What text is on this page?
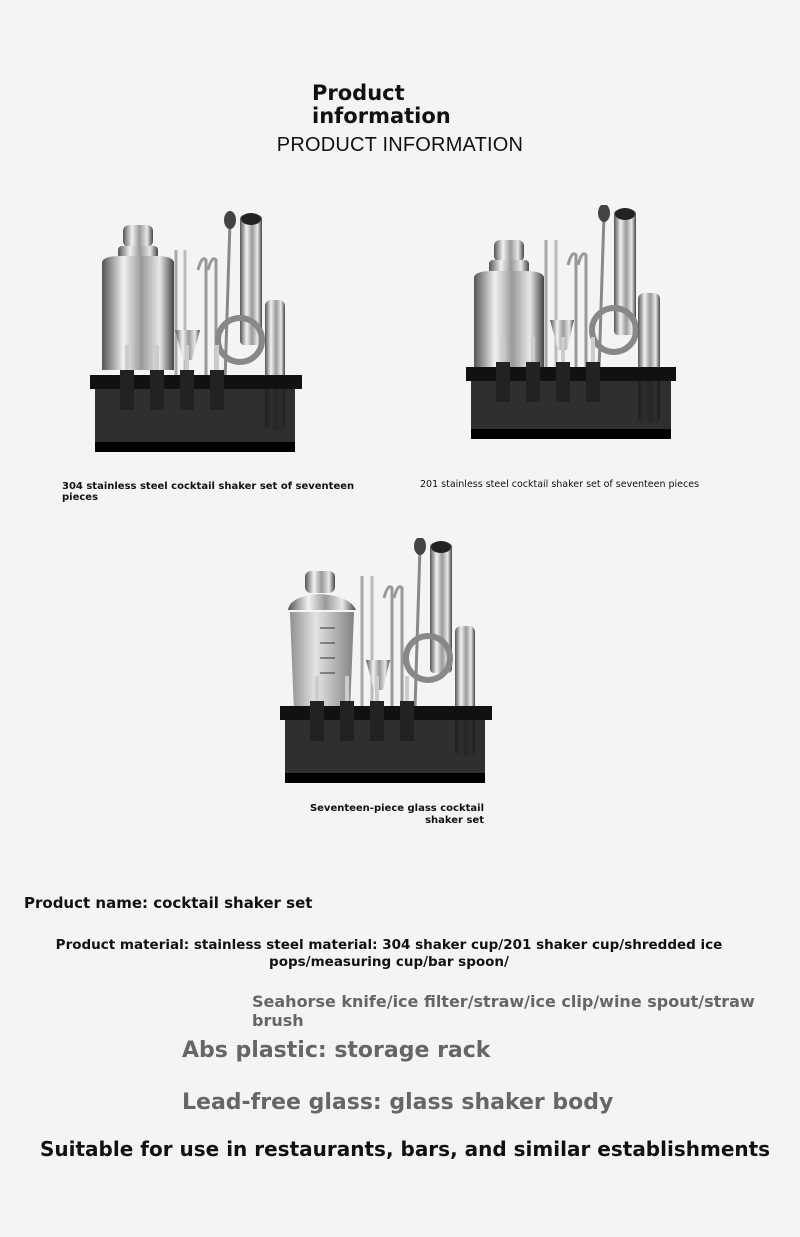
Product
information
PRODUCT INFORMATION
304 stainless steel cocktail shaker set of seventeen pieces
201 stainless steel cocktail shaker set of seventeen pieces
Seventeen-piece glass cocktail shaker set
Product name: cocktail shaker set
Product material: stainless steel material: 304 shaker cup/201 shaker cup/shredded ice pops/measuring cup/bar spoon/
Seahorse knife/ice filter/straw/ice clip/wine spout/straw brush
Abs plastic: storage rack
Lead-free glass: glass shaker body
Suitable for use in restaurants, bars, and similar establishments
